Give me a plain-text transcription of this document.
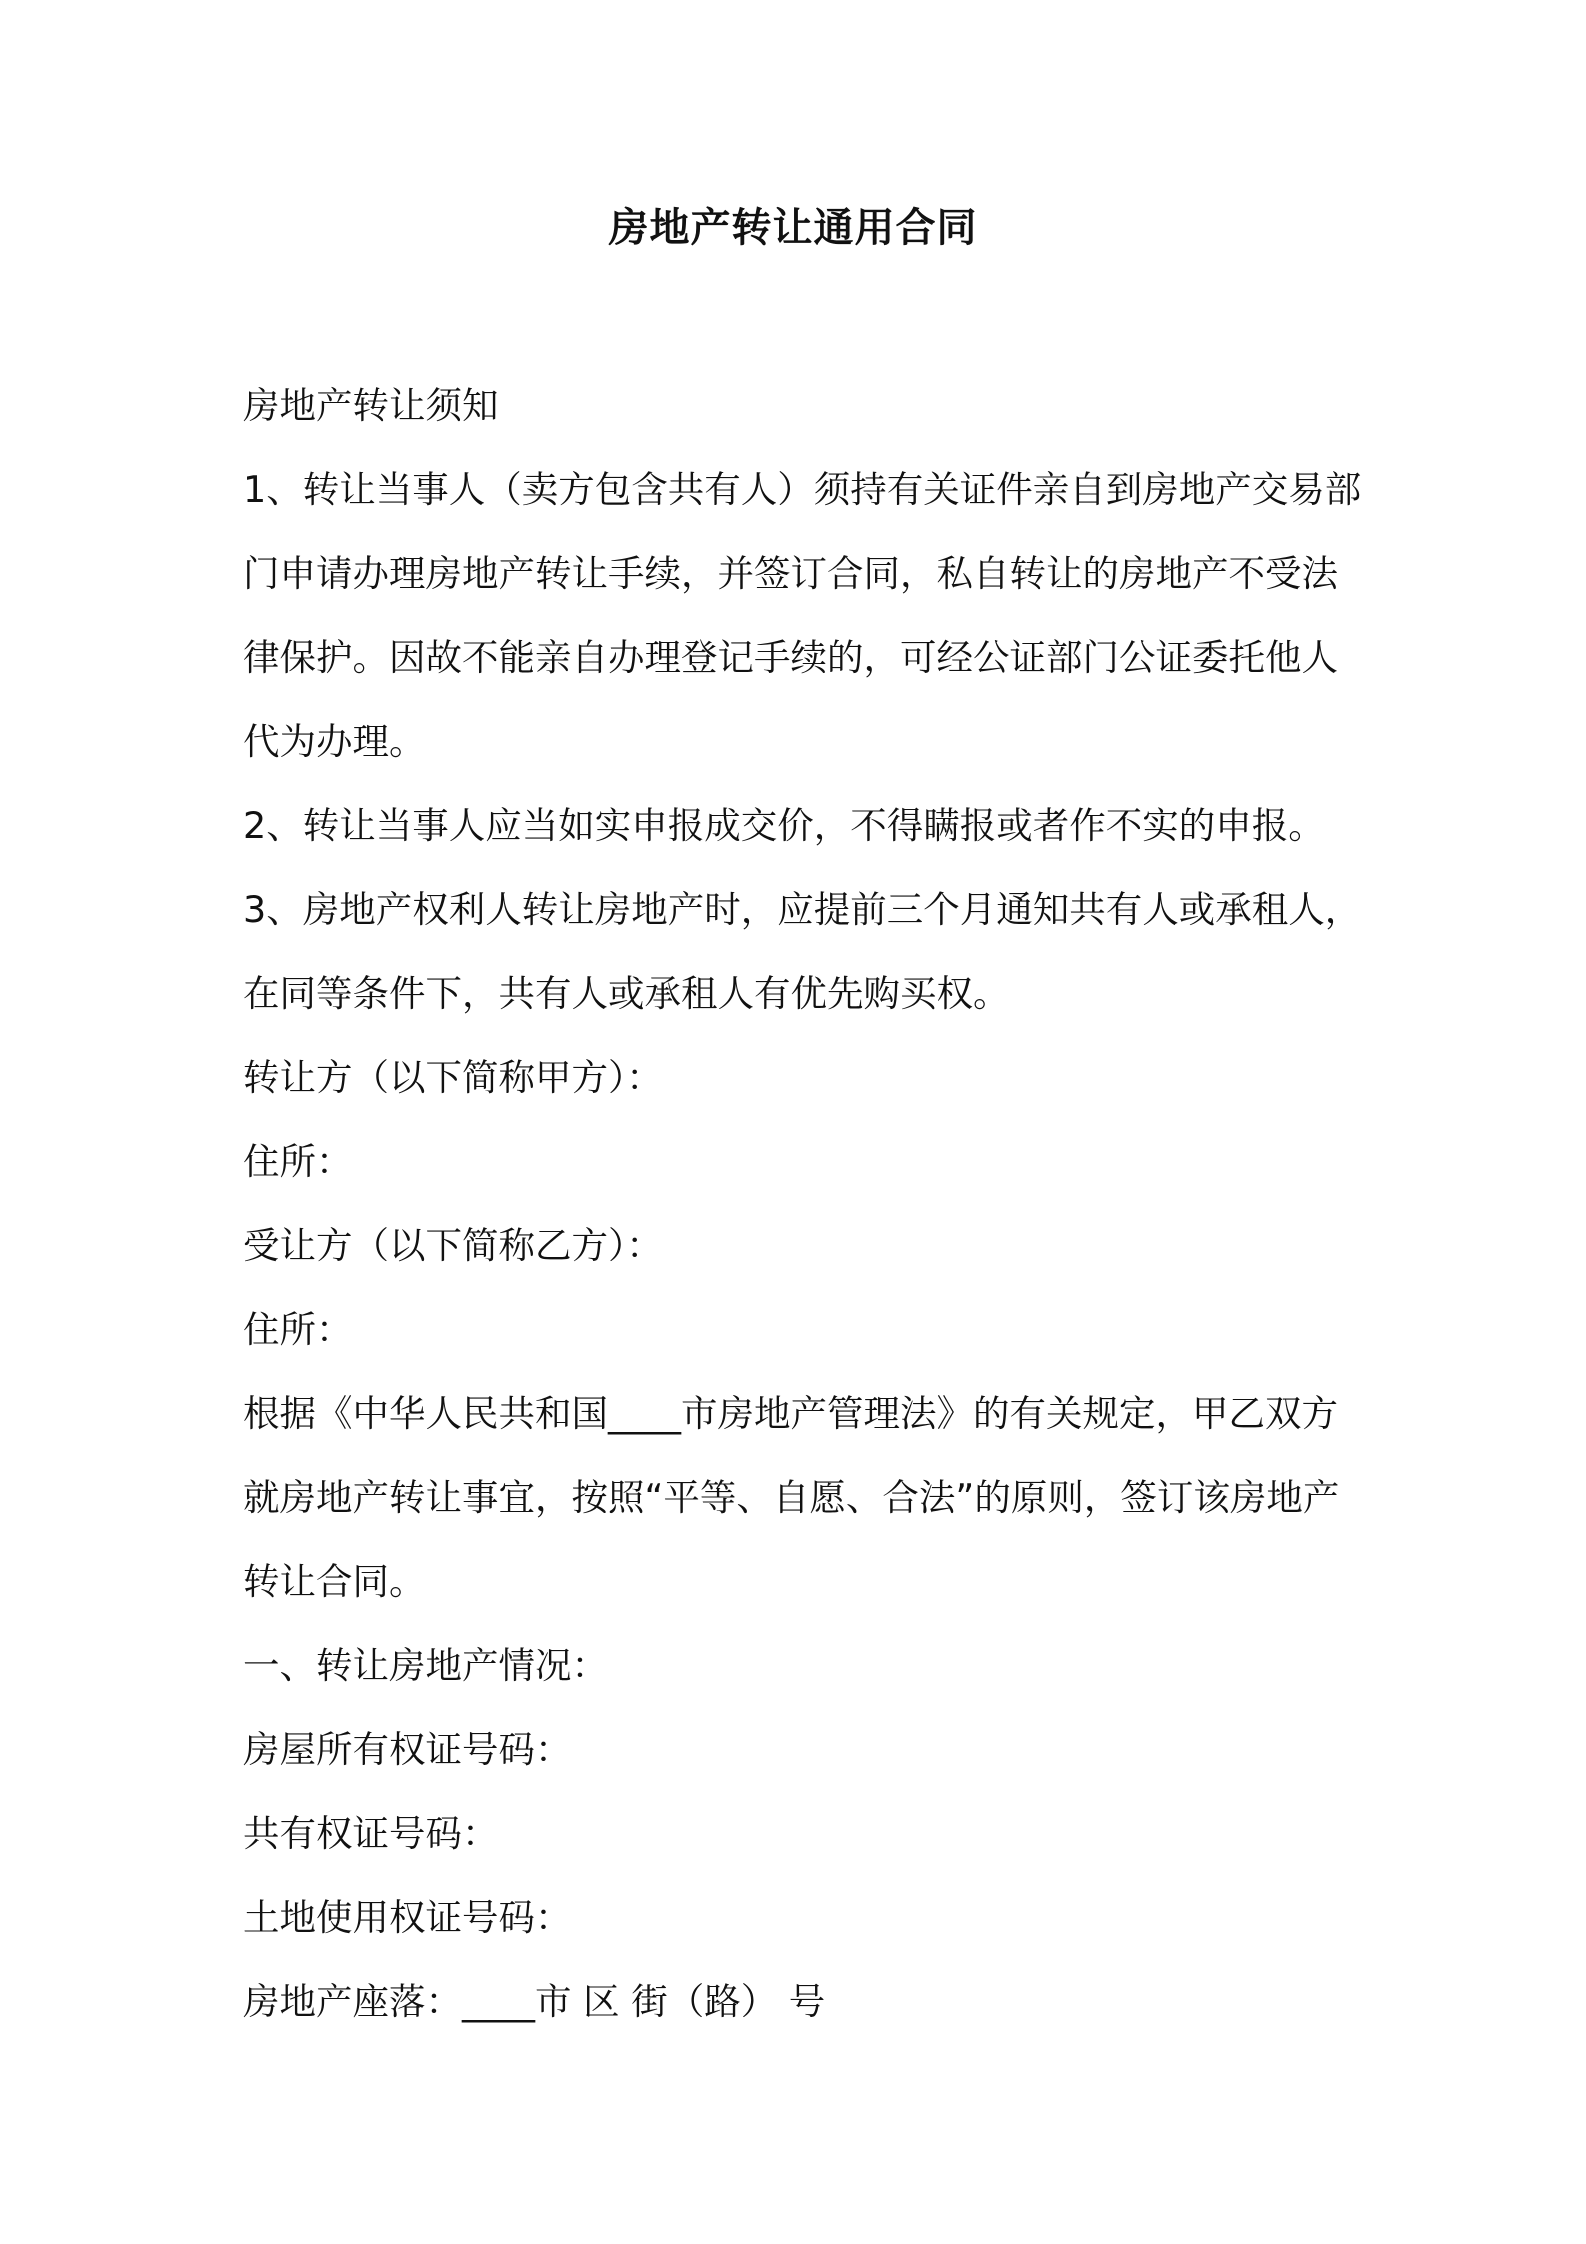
房地产转让通用合同

房地产转让须知

1、转让当事人（卖方包含共有人）须持有关证件亲自到房地产交易部门申请办理房地产转让手续，并签订合同，私自转让的房地产不受法律保护。因故不能亲自办理登记手续的，可经公证部门公证委托他人代为办理。

2、转让当事人应当如实申报成交价，不得瞒报或者作不实的申报。

3、房地产权利人转让房地产时，应提前三个月通知共有人或承租人，在同等条件下，共有人或承租人有优先购买权。

转让方（以下简称甲方）：

住所：

受让方（以下简称乙方）：

住所：

根据《中华人民共和国____市房地产管理法》的有关规定，甲乙双方就房地产转让事宜，按照“平等、自愿、合法”的原则，签订该房地产转让合同。

一、转让房地产情况：

房屋所有权证号码：

共有权证号码：

土地使用权证号码：

房地产座落：____市 区 街（路） 号
